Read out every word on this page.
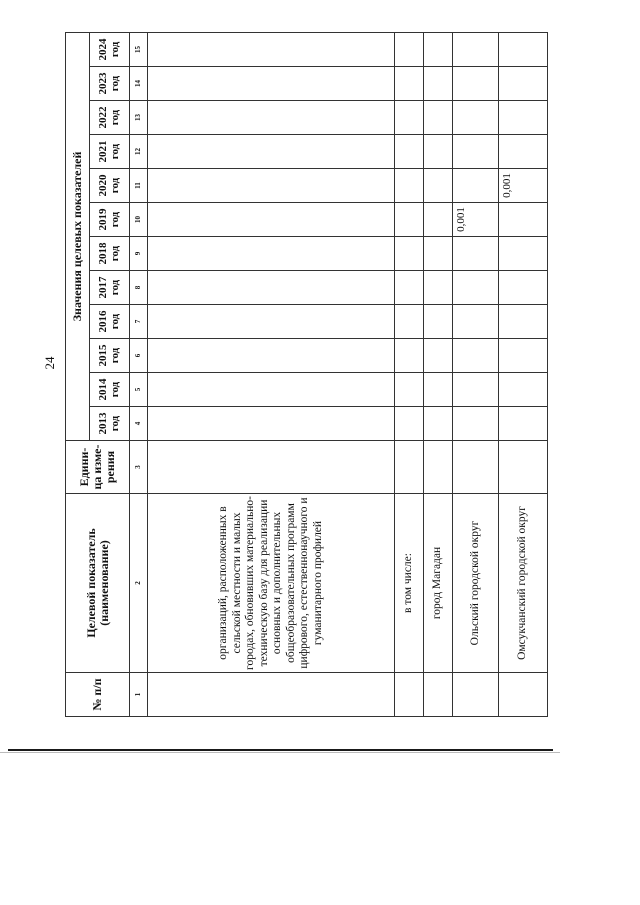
24
№ п/п	Целевой показатель (наименование)	Едини-ца изме-рения	Значения целевых показателей											
			2013 год	2014 год	2015 год	2016 год	2017 год	2018 год	2019 год	2020 год	2021 год	2022 год	2023 год	2024 год
1	2	3	4	5	6	7	8	9	10	11	12	13	14	15
	организаций, расположенных в сельской местности и малых городах, обновивших материально-техническую базу для реализации основных и дополнительных общеобразовательных программ цифрового, естественнонаучного и гуманитарного профилей													
	в том числе:													
	город Магадан													
	Ольский городской округ								0,001					
	Омсукчанский городской округ									0,001				
